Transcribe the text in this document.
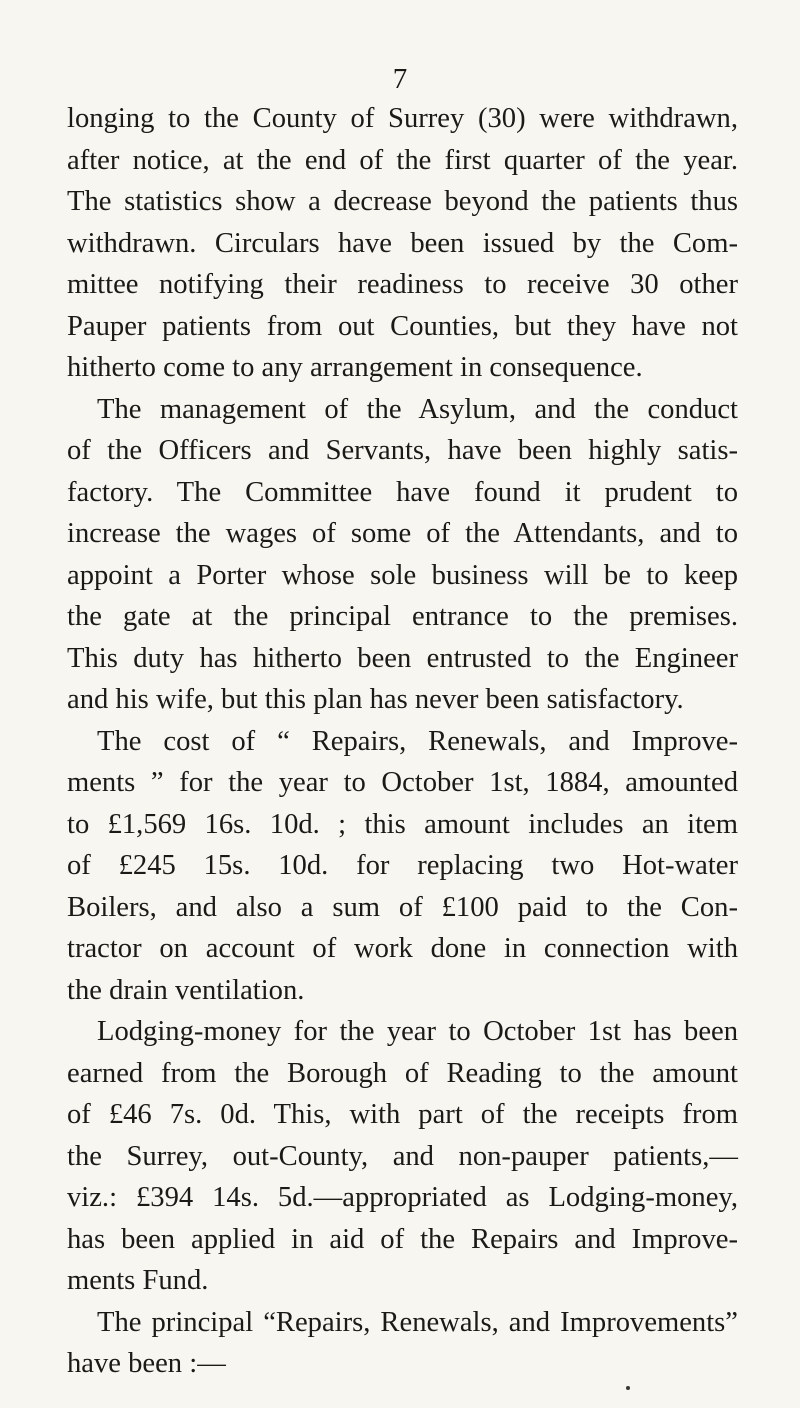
7
longing to the County of Surrey (30) were withdrawn,
after notice, at the end of the first quarter of the year.
The statistics show a decrease beyond the patients thus
withdrawn. Circulars have been issued by the Com-
mittee notifying their readiness to receive 30 other
Pauper patients from out Counties, but they have not
hitherto come to any arrangement in consequence.
The management of the Asylum, and the conduct
of the Officers and Servants, have been highly satis-
factory. The Committee have found it prudent to
increase the wages of some of the Attendants, and to
appoint a Porter whose sole business will be to keep
the gate at the principal entrance to the premises.
This duty has hitherto been entrusted to the Engineer
and his wife, but this plan has never been satisfactory.
The cost of “ Repairs, Renewals, and Improve-
ments ” for the year to October 1st, 1884, amounted
to £1,569 16s. 10d. ; this amount includes an item
of £245 15s. 10d. for replacing two Hot-water
Boilers, and also a sum of £100 paid to the Con-
tractor on account of work done in connection with
the drain ventilation.
Lodging-money for the year to October 1st has been
earned from the Borough of Reading to the amount
of £46 7s. 0d. This, with part of the receipts from
the Surrey, out-County, and non-pauper patients,—
viz.: £394 14s. 5d.—appropriated as Lodging-money,
has been applied in aid of the Repairs and Improve-
ments Fund.
The principal “Repairs, Renewals, and Improvements”
have been :—
